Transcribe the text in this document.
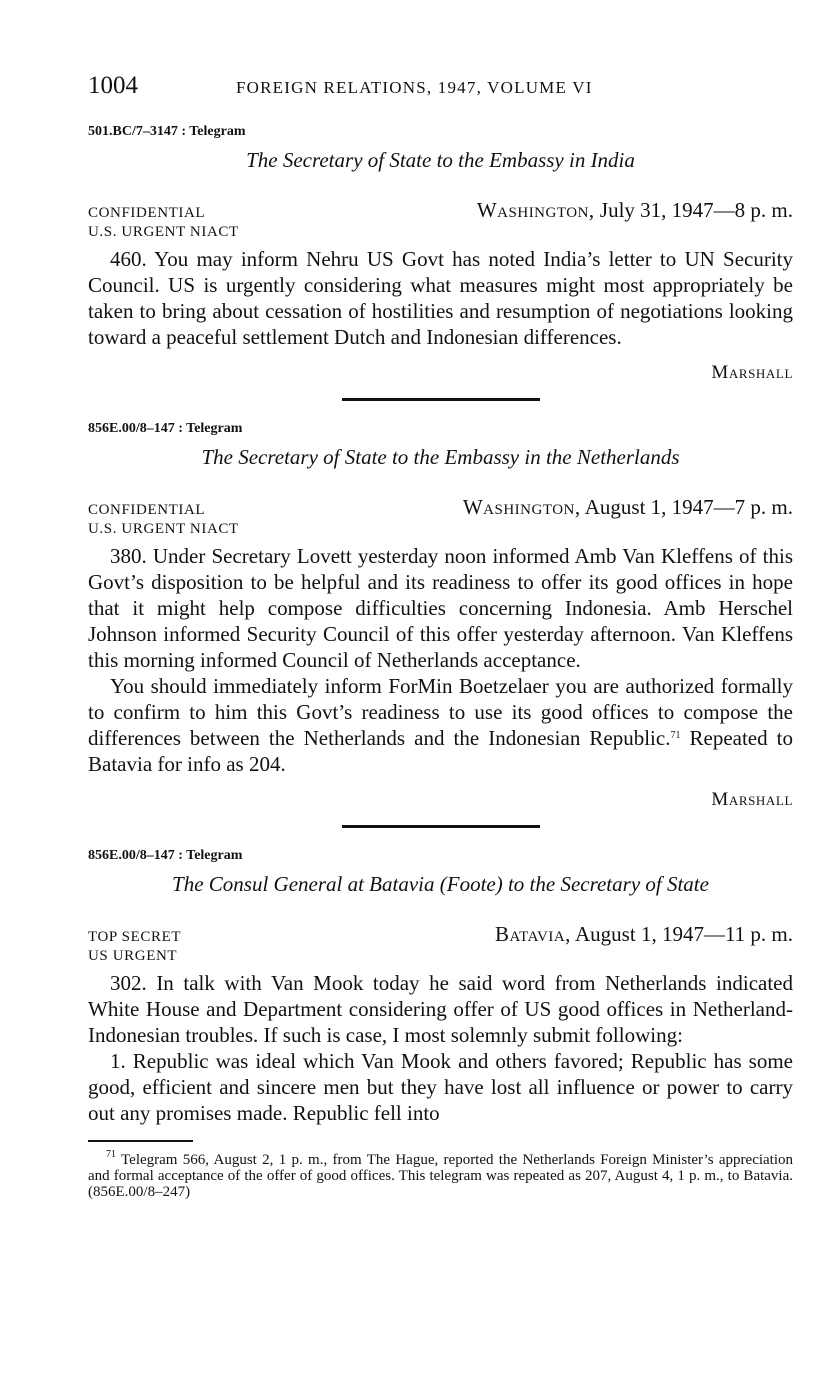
1004	FOREIGN RELATIONS, 1947, VOLUME VI
501.BC/7–3147 : Telegram
The Secretary of State to the Embassy in India
CONFIDENTIAL	Washington, July 31, 1947—8 p. m.
U.S. URGENT NIACT

460. You may inform Nehru US Govt has noted India’s letter to UN Security Council. US is urgently considering what measures might most appropriately be taken to bring about cessation of hostilities and resumption of negotiations looking toward a peaceful settlement Dutch and Indonesian differences.

Marshall
856E.00/8–147 : Telegram
The Secretary of State to the Embassy in the Netherlands
CONFIDENTIAL	Washington, August 1, 1947—7 p. m.
U.S. URGENT NIACT

380. Under Secretary Lovett yesterday noon informed Amb Van Kleffens of this Govt’s disposition to be helpful and its readiness to offer its good offices in hope that it might help compose difficulties concerning Indonesia. Amb Herschel Johnson informed Security Council of this offer yesterday afternoon. Van Kleffens this morning informed Council of Netherlands acceptance.

You should immediately inform ForMin Boetzelaer you are authorized formally to confirm to him this Govt’s readiness to use its good offices to compose the differences between the Netherlands and the Indonesian Republic.$^{71}$ Repeated to Batavia for info as 204.

Marshall
856E.00/8–147 : Telegram
The Consul General at Batavia (Foote) to the Secretary of State
TOP SECRET	Batavia, August 1, 1947—11 p. m.
US URGENT

302. In talk with Van Mook today he said word from Netherlands indicated White House and Department considering offer of US good offices in Netherland-Indonesian troubles. If such is case, I most solemnly submit following:

1. Republic was ideal which Van Mook and others favored; Republic has some good, efficient and sincere men but they have lost all influence or power to carry out any promises made. Republic fell into

$^{71}$ Telegram 566, August 2, 1 p. m., from The Hague, reported the Netherlands Foreign Minister’s appreciation and formal acceptance of the offer of good offices. This telegram was repeated as 207, August 4, 1 p. m., to Batavia. (856E.00/8–247)
